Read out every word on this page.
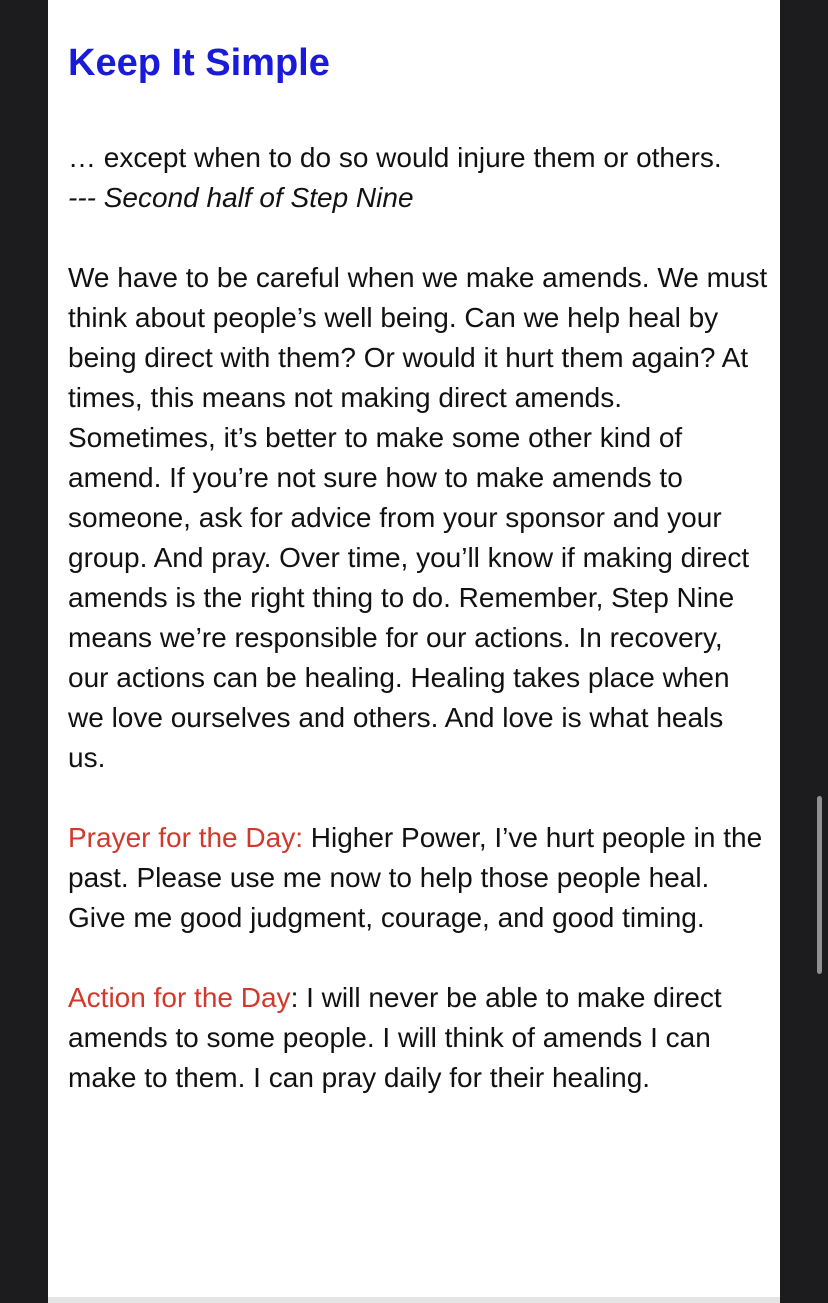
Keep It Simple

… except when to do so would injure them or others.

--- Second half of Step Nine

We have to be careful when we make amends. We must think about people’s well being. Can we help heal by being direct with them? Or would it hurt them again? At times, this means not making direct amends. Sometimes, it’s better to make some other kind of amend. If you’re not sure how to make amends to someone, ask for advice from your sponsor and your group. And pray. Over time, you’ll know if making direct amends is the right thing to do. Remember, Step Nine means we’re responsible for our actions. In recovery, our actions can be healing. Healing takes place when we love ourselves and others. And love is what heals us.

Prayer for the Day: Higher Power, I’ve hurt people in the past. Please use me now to help those people heal. Give me good judgment, courage, and good timing.

Action for the Day: I will never be able to make direct amends to some people. I will think of amends I can make to them. I can pray daily for their healing.
